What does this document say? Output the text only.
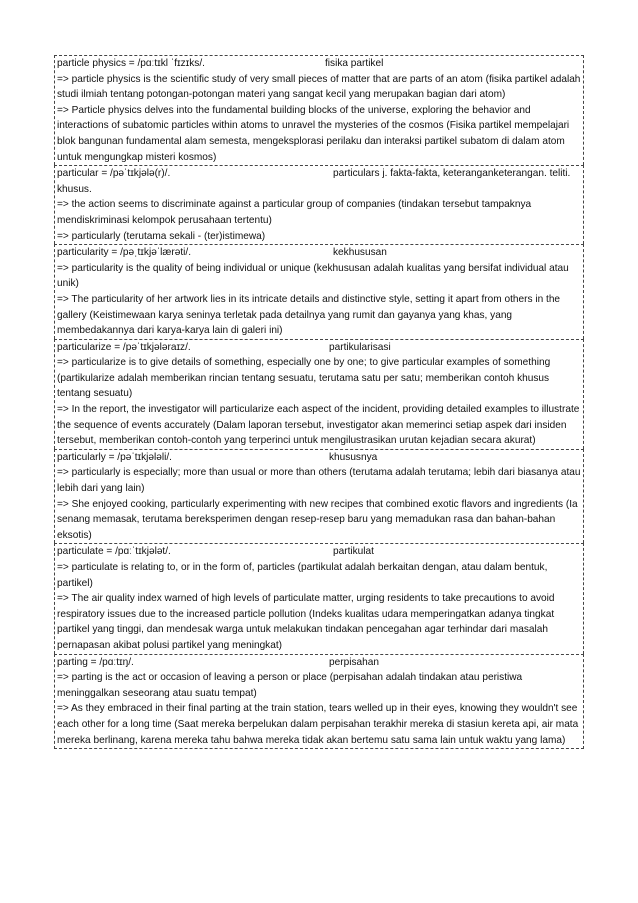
particle physics = /pɑːtɪkl ˈfɪzɪks/.	fisika partikel
=> particle physics is the scientific study of very small pieces of matter that are parts of an atom (fisika partikel adalah studi ilmiah tentang potongan-potongan materi yang sangat kecil yang merupakan bagian dari atom)
=> Particle physics delves into the fundamental building blocks of the universe, exploring the behavior and interactions of subatomic particles within atoms to unravel the mysteries of the cosmos (Fisika partikel mempelajari blok bangunan fundamental alam semesta, mengeksplorasi perilaku dan interaksi partikel subatom di dalam atom untuk mengungkap misteri kosmos)
particular = /pəˈtɪkjələ(r)/.	particulars j. fakta-fakta, keteranganketerangan. teliti.
khusus.
=> the action seems to discriminate against a particular group of companies (tindakan tersebut tampaknya mendiskriminasi kelompok perusahaan tertentu)
=> particularly (terutama sekali - (ter)istimewa)
particularity = /pəˌtɪkjəˈlærəti/.	kekhususan
=> particularity is the quality of being individual or unique (kekhususan adalah kualitas yang bersifat individual atau unik)
=> The particularity of her artwork lies in its intricate details and distinctive style, setting it apart from others in the gallery (Keistimewaan karya seninya terletak pada detailnya yang rumit dan gayanya yang khas, yang membedakannya dari karya-karya lain di galeri ini)
particularize = /pəˈtɪkjələraɪz/.	partikularisasi
=> particularize is to give details of something, especially one by one; to give particular examples of something (partikularize adalah memberikan rincian tentang sesuatu, terutama satu per satu; memberikan contoh khusus tentang sesuatu)
=> In the report, the investigator will particularize each aspect of the incident, providing detailed examples to illustrate the sequence of events accurately (Dalam laporan tersebut, investigator akan memerinci setiap aspek dari insiden tersebut, memberikan contoh-contoh yang terperinci untuk mengilustrasikan urutan kejadian secara akurat)
particularly = /pəˈtɪkjələli/.	khususnya
=> particularly is especially; more than usual or more than others (terutama adalah terutama; lebih dari biasanya atau lebih dari yang lain)
=> She enjoyed cooking, particularly experimenting with new recipes that combined exotic flavors and ingredients (Ia senang memasak, terutama bereksperimen dengan resep-resep baru yang memadukan rasa dan bahan-bahan eksotis)
particulate = /pɑːˈtɪkjələt/.	partikulat
=> particulate is relating to, or in the form of, particles (partikulat adalah berkaitan dengan, atau dalam bentuk, partikel)
=> The air quality index warned of high levels of particulate matter, urging residents to take precautions to avoid respiratory issues due to the increased particle pollution (Indeks kualitas udara memperingatkan adanya tingkat partikel yang tinggi, dan mendesak warga untuk melakukan tindakan pencegahan agar terhindar dari masalah pernapasan akibat polusi partikel yang meningkat)
parting = /pɑːtɪŋ/.	perpisahan
=> parting is the act or occasion of leaving a person or place (perpisahan adalah tindakan atau peristiwa meninggalkan seseorang atau suatu tempat)
=> As they embraced in their final parting at the train station, tears welled up in their eyes, knowing they wouldn't see each other for a long time (Saat mereka berpelukan dalam perpisahan terakhir mereka di stasiun kereta api, air mata mereka berlinang, karena mereka tahu bahwa mereka tidak akan bertemu satu sama lain untuk waktu yang lama)
